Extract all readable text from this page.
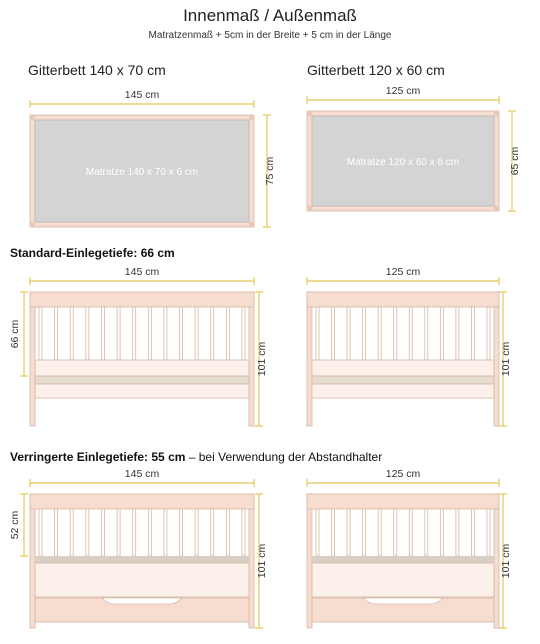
Innenmaß / Außenmaß
Matratzenmaß + 5cm in der Breite + 5 cm in der Länge
Gitterbett 140 x 70 cm	Gitterbett 120 x 60 cm
Standard-Einlegetiefe: 66 cm
Verringerte Einlegetiefe: 55 cm – bei Verwendung der Abstandhalter
145 cm
75 cm
Matratze 140 x 70 x 6 cm
125 cm
65 cm
Matratze 120 x 60 x 6 cm
145 cm	125 cm
66 cm
101 cm	101 cm
145 cm	125 cm
52 cm
101 cm	101 cm
